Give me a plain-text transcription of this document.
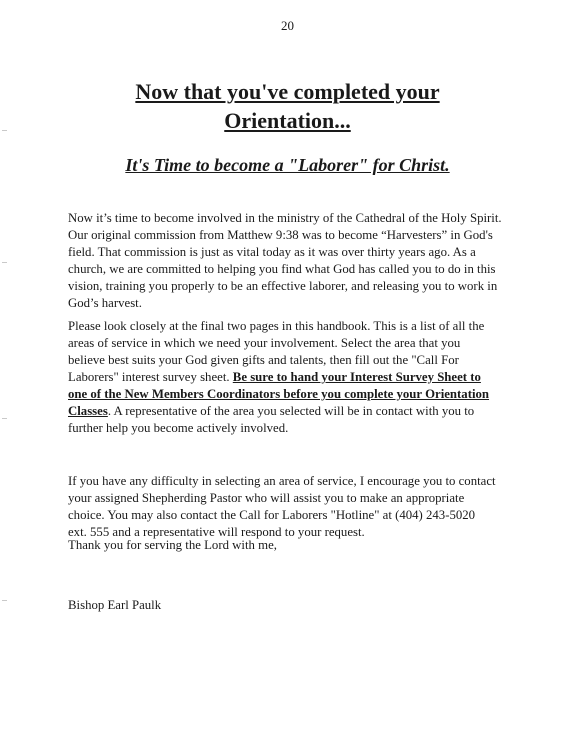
20
Now that you've completed your
Orientation...
It's Time to become a "Laborer" for Christ.
Now it’s time to become involved in the ministry of the Cathedral of the Holy Spirit.
Our original commission from Matthew 9:38 was to become “Harvesters” in God's
field. That commission is just as vital today as it was over thirty years ago. As a
church, we are committed to helping you find what God has called you to do in this
vision, training you properly to be an effective laborer, and releasing you to work in
God’s harvest.
Please look closely at the final two pages in this handbook. This is a list of all the
areas of service in which we need your involvement. Select the area that you
believe best suits your God given gifts and talents, then fill out the "Call For
Laborers" interest survey sheet. Be sure to hand your Interest Survey Sheet to
one of the New Members Coordinators before you complete your Orientation
Classes. A representative of the area you selected will be in contact with you to
further help you become actively involved.
If you have any difficulty in selecting an area of service, I encourage you to contact
your assigned Shepherding Pastor who will assist you to make an appropriate
choice. You may also contact the Call for Laborers "Hotline" at (404) 243-5020
ext. 555 and a representative will respond to your request.
Thank you for serving the Lord with me,
Bishop Earl Paulk
